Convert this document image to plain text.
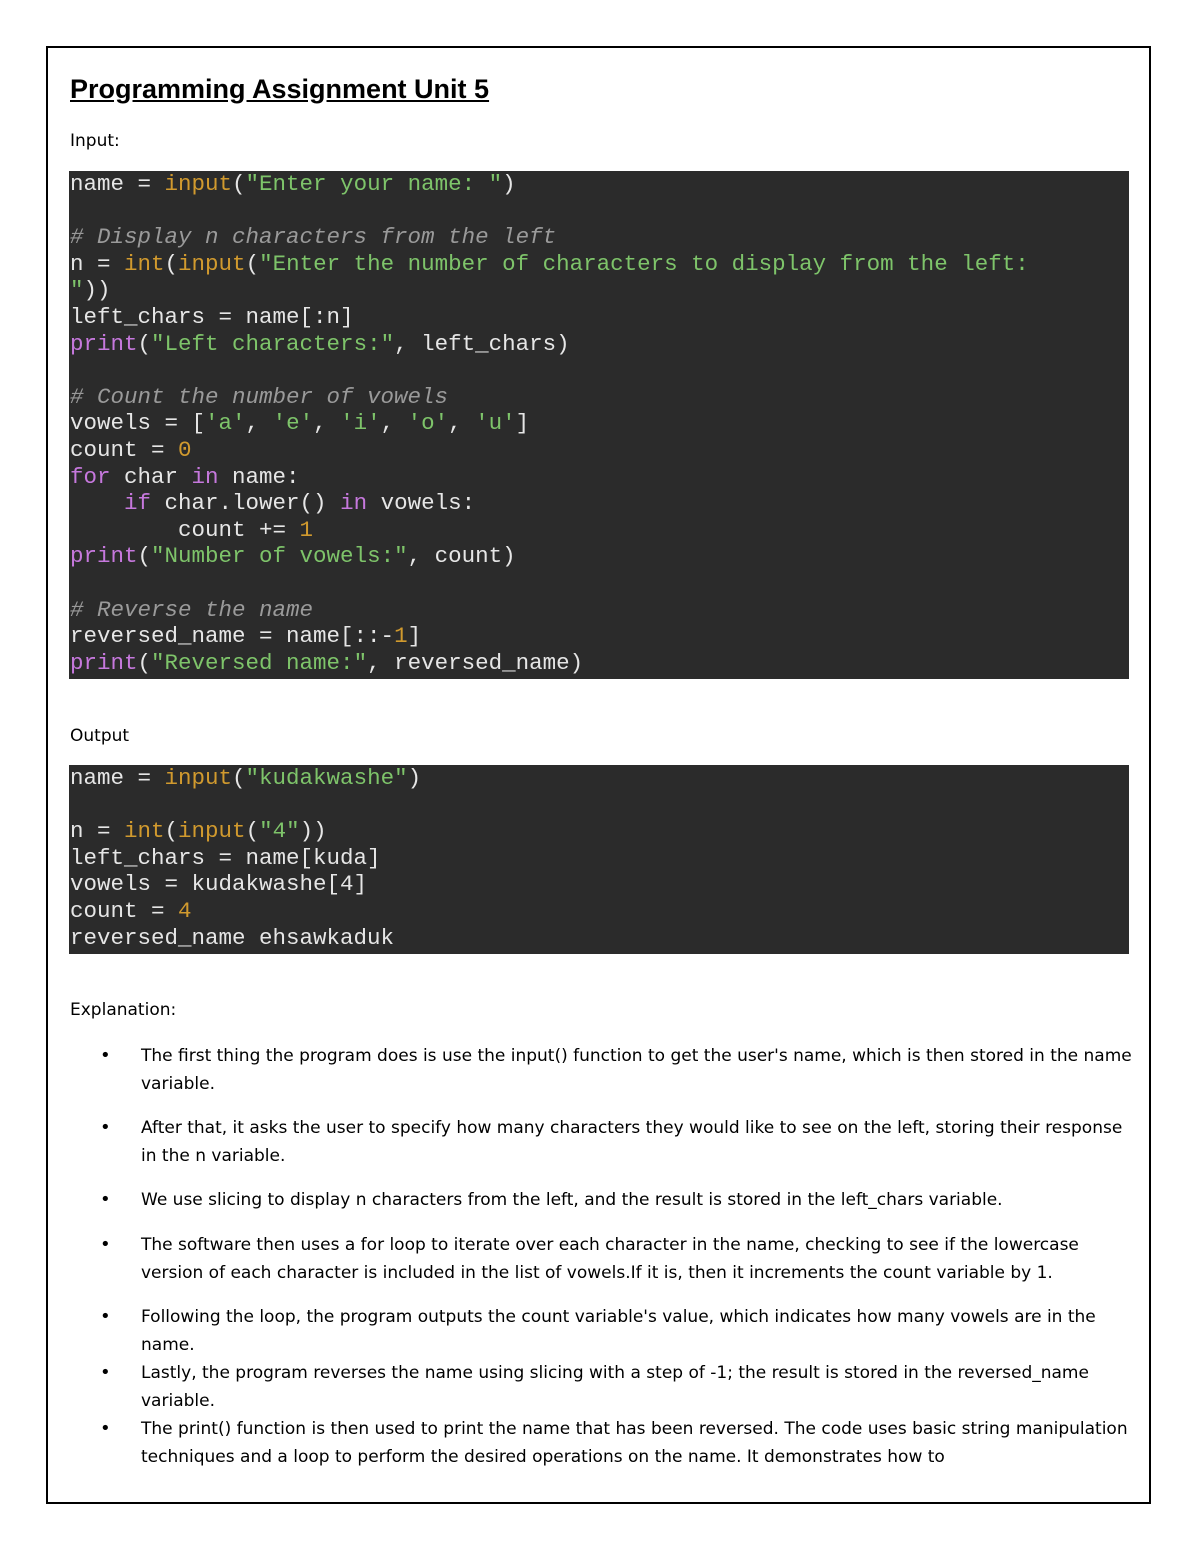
Programming Assignment Unit 5
Input:
name = input("Enter your name: ")

# Display n characters from the left
n = int(input("Enter the number of characters to display from the left:
"))
left_chars = name[:n]
print("Left characters:", left_chars)

# Count the number of vowels
vowels = ['a', 'e', 'i', 'o', 'u']
count = 0
for char in name:
if char.lower() in vowels:
count += 1
print("Number of vowels:", count)

# Reverse the name
reversed_name = name[::-1]
print("Reversed name:", reversed_name)
Output
name = input("kudakwashe")

n = int(input("4"))
left_chars = name[kuda]
vowels = kudakwashe[4]
count = 4
reversed_name ehsawkaduk
Explanation:
• The first thing the program does is use the input() function to get the user's name, which is then stored in the name variable.
• After that, it asks the user to specify how many characters they would like to see on the left, storing their response in the n variable.
• We use slicing to display n characters from the left, and the result is stored in the left_chars variable.
• The software then uses a for loop to iterate over each character in the name, checking to see if the lowercase version of each character is included in the list of vowels.If it is, then it increments the count variable by 1.
• Following the loop, the program outputs the count variable's value, which indicates how many vowels are in the name.
• Lastly, the program reverses the name using slicing with a step of -1; the result is stored in the reversed_name variable.
• The print() function is then used to print the name that has been reversed. The code uses basic string manipulation techniques and a loop to perform the desired operations on the name. It demonstrates how to
